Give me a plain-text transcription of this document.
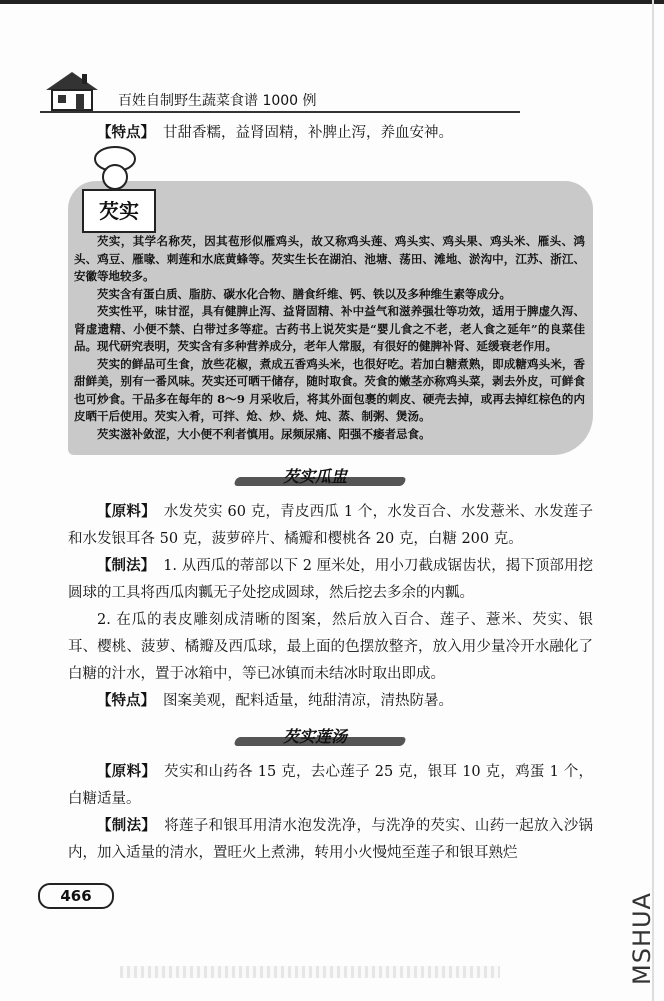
百姓自制野生蔬菜食谱 1000 例

【特点】 甘甜香糯，益肾固精，补脾止泻，养血安神。

芡实

芡实，其学名称芡，因其苞形似雁鸡头，故又称鸡头莲、鸡头实、鸡头果、鸡头米、雁头、鸿头、鸡豆、雁喙、刺莲和水底黄蜂等。芡实生长在湖泊、池塘、荡田、滩地、淤沟中，江苏、浙江、安徽等地较多。

芡实含有蛋白质、脂肪、碳水化合物、膳食纤维、钙、铁以及多种维生素等成分。

芡实性平，味甘涩，具有健脾止泻、益肾固精、补中益气和滋养强壮等功效，适用于脾虚久泻、肾虚遗精、小便不禁、白带过多等症。古药书上说芡实是“婴儿食之不老，老人食之延年”的良菜佳品。现代研究表明，芡实含有多种营养成分，老年人常服，有很好的健脾补肾、延缓衰老作用。

芡实的鲜品可生食，放些花椒，煮成五香鸡头米，也很好吃。若加白糖煮熟，即成糖鸡头米，香甜鲜美，别有一番风味。芡实还可晒干储存，随时取食。芡食的嫩茎亦称鸡头菜，剥去外皮，可鲜食也可炒食。干品多在每年的 8～9 月采收后，将其外面包裹的刺皮、硬壳去掉，或再去掉红棕色的内皮晒干后使用。芡实入肴，可拌、炝、炒、烧、炖、蒸、制粥、煲汤。

芡实滋补敛涩，大小便不利者慎用。尿频尿痛、阳强不痿者忌食。

芡实瓜盅

【原料】 水发芡实 60 克，青皮西瓜 1 个，水发百合、水发薏米、水发莲子和水发银耳各 50 克，菠萝碎片、橘瓣和樱桃各 20 克，白糖 200 克。

【制法】 1. 从西瓜的蒂部以下 2 厘米处，用小刀截成锯齿状，揭下顶部用挖圆球的工具将西瓜肉瓤无子处挖成圆球，然后挖去多余的内瓤。

2. 在瓜的表皮雕刻成清晰的图案，然后放入百合、莲子、薏米、芡实、银耳、樱桃、菠萝、橘瓣及西瓜球，最上面的色摆放整齐，放入用少量冷开水融化了白糖的汁水，置于冰箱中，等已冰镇而未结冰时取出即成。

【特点】 图案美观，配料适量，纯甜清凉，清热防暑。

芡实莲汤

【原料】 芡实和山药各 15 克，去心莲子 25 克，银耳 10 克，鸡蛋 1 个，白糖适量。

【制法】 将莲子和银耳用清水泡发洗净，与洗净的芡实、山药一起放入沙锅内，加入适量的清水，置旺火上煮沸，转用小火慢炖至莲子和银耳熟烂

466	MSHUA
